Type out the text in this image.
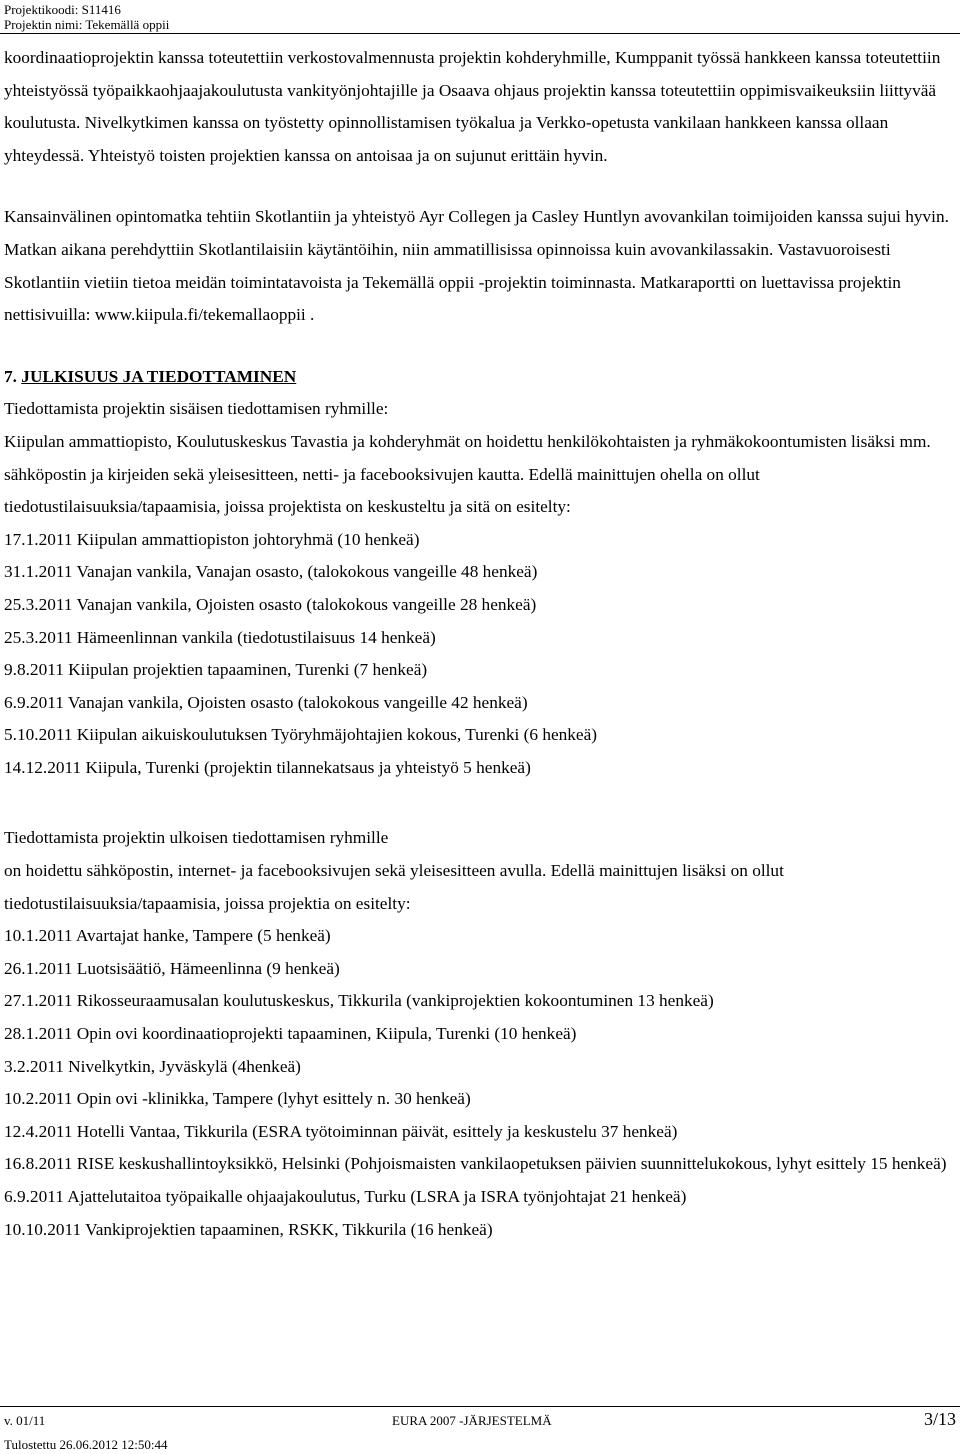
Projektikoodi: S11416
Projektin nimi: Tekemällä oppii

koordinaatioprojektin kanssa toteutettiin verkostovalmennusta projektin kohderyhmille, Kumppanit työssä hankkeen kanssa toteutettiin yhteistyössä työpaikkaohjaajakoulutusta vankityönjohtajille ja Osaava ohjaus projektin kanssa toteutettiin oppimisvaikeuksiin liittyvää koulutusta. Nivelkytkimen kanssa on työstetty opinnollistamisen työkalua ja Verkko-opetusta vankilaan hankkeen kanssa ollaan yhteydessä. Yhteistyö toisten projektien kanssa on antoisaa ja on sujunut erittäin hyvin.

Kansainvälinen opintomatka tehtiin Skotlantiin ja yhteistyö Ayr Collegen ja Casley Huntlyn avovankilan toimijoiden kanssa sujui hyvin. Matkan aikana perehdyttiin Skotlantilaisiin käytäntöihin, niin ammatillisissa opinnoissa kuin avovankilassakin. Vastavuoroisesti Skotlantiin vietiin tietoa meidän toimintatavoista ja Tekemällä oppii -projektin toiminnasta. Matkaraportti on luettavissa projektin nettisivuilla: www.kiipula.fi/tekemallaoppii .

7. JULKISUUS JA TIEDOTTAMINEN

Tiedottamista projektin sisäisen tiedottamisen ryhmille:

Kiipulan ammattiopisto, Koulutuskeskus Tavastia ja kohderyhmät on hoidettu henkilökohtaisten ja ryhmäkokoontumisten lisäksi mm. sähköpostin ja kirjeiden sekä yleisesitteen, netti- ja facebooksivujen kautta. Edellä mainittujen ohella on ollut tiedotustilaisuuksia/tapaamisia, joissa projektista on keskusteltu ja sitä on esitelty:

17.1.2011 Kiipulan ammattiopiston johtoryhmä (10 henkeä)
31.1.2011 Vanajan vankila, Vanajan osasto, (talokokous vangeille 48 henkeä)
25.3.2011 Vanajan vankila, Ojoisten osasto (talokokous vangeille 28 henkeä)
25.3.2011 Hämeenlinnan vankila (tiedotustilaisuus 14 henkeä)
9.8.2011 Kiipulan projektien tapaaminen, Turenki (7 henkeä)
6.9.2011 Vanajan vankila, Ojoisten osasto (talokokous vangeille 42 henkeä)
5.10.2011 Kiipulan aikuiskoulutuksen Työryhmäjohtajien kokous, Turenki (6 henkeä)
14.12.2011 Kiipula, Turenki (projektin tilannekatsaus ja yhteistyö 5 henkeä)

Tiedottamista projektin ulkoisen tiedottamisen ryhmille

on hoidettu sähköpostin, internet- ja facebooksivujen sekä yleisesitteen avulla. Edellä mainittujen lisäksi on ollut tiedotustilaisuuksia/tapaamisia, joissa projektia on esitelty:

10.1.2011 Avartajat hanke, Tampere (5 henkeä)
26.1.2011 Luotsisäätiö, Hämeenlinna (9 henkeä)
27.1.2011 Rikosseuraamusalan koulutuskeskus, Tikkurila (vankiprojektien kokoontuminen 13 henkeä)
28.1.2011 Opin ovi koordinaatioprojekti tapaaminen, Kiipula, Turenki (10 henkeä)
3.2.2011 Nivelkytkin, Jyväskylä (4henkeä)
10.2.2011 Opin ovi -klinikka, Tampere (lyhyt esittely n. 30 henkeä)
12.4.2011 Hotelli Vantaa, Tikkurila (ESRA työtoiminnan päivät, esittely ja keskustelu 37 henkeä)
16.8.2011 RISE keskushallintoyksikkö, Helsinki (Pohjoismaisten vankilaopetuksen päivien suunnittelukokous, lyhyt esittely 15 henkeä)
6.9.2011 Ajattelutaitoa työpaikalle ohjaajakoulutus, Turku (LSRA ja ISRA työnjohtajat 21 henkeä)
10.10.2011 Vankiprojektien tapaaminen, RSKK, Tikkurila (16 henkeä)
v. 01/11
Tulostettu 26.06.2012 12:50:44
EURA 2007 -JÄRJESTELMÄ	3/13
